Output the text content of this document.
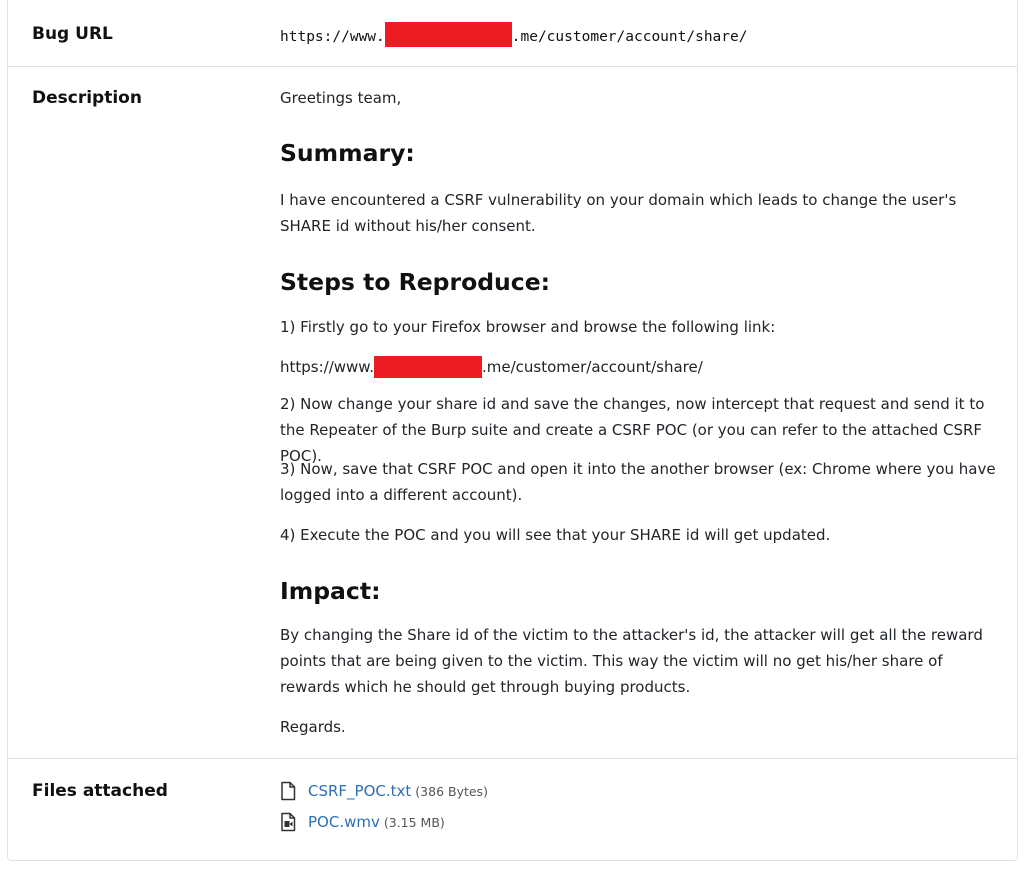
Bug URL	https://www.	.me/customer/account/share/
Description	Greetings team,
Summary:
I have encountered a CSRF vulnerability on your domain which leads to change the user's SHARE id without his/her consent.
Steps to Reproduce:
1) Firstly go to your Firefox browser and browse the following link:
https://www.	.me/customer/account/share/
2) Now change your share id and save the changes, now intercept that request and send it to the Repeater of the Burp suite and create a CSRF POC (or you can refer to the attached CSRF POC).
3) Now, save that CSRF POC and open it into the another browser (ex: Chrome where you have logged into a different account).
4) Execute the POC and you will see that your SHARE id will get updated.
Impact:
By changing the Share id of the victim to the attacker's id, the attacker will get all the reward points that are being given to the victim. This way the victim will no get his/her share of rewards which he should get through buying products.
Regards.
Files attached	CSRF_POC.txt (386 Bytes)
POC.wmv (3.15 MB)
